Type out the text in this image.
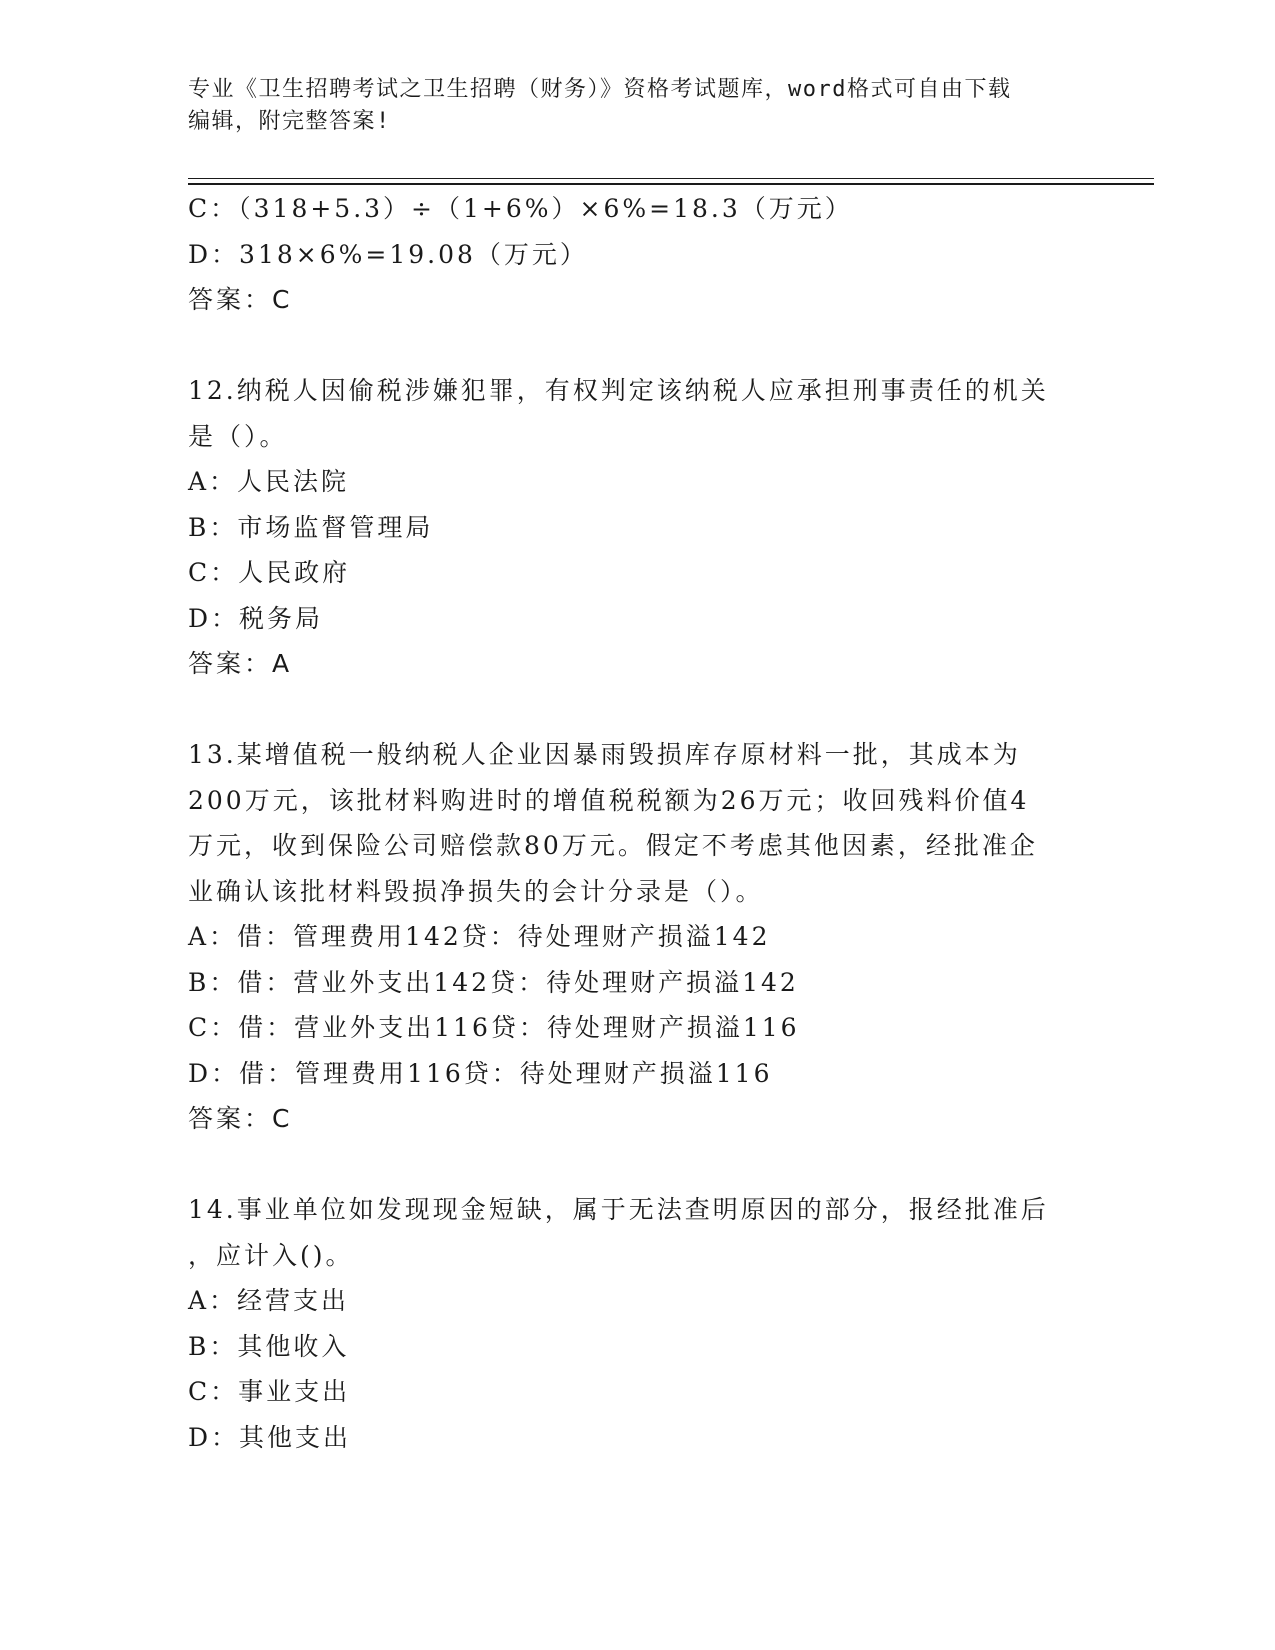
专业《卫生招聘考试之卫生招聘（财务）》资格考试题库，word格式可自由下载
编辑，附完整答案!
C：（318+5.3）÷（1+6%）×6%=18.3（万元）
D：318×6%=19.08（万元）
答案：C
12.纳税人因偷税涉嫌犯罪，有权判定该纳税人应承担刑事责任的机关
是（）。
A：人民法院
B：市场监督管理局
C：人民政府
D：税务局
答案：A
13.某增值税一般纳税人企业因暴雨毁损库存原材料一批，其成本为
200万元，该批材料购进时的增值税税额为26万元；收回残料价值4
万元，收到保险公司赔偿款80万元。假定不考虑其他因素，经批准企
业确认该批材料毁损净损失的会计分录是（）。
A：借：管理费用142贷：待处理财产损溢142
B：借：营业外支出142贷：待处理财产损溢142
C：借：营业外支出116贷：待处理财产损溢116
D：借：管理费用116贷：待处理财产损溢116
答案：C
14.事业单位如发现现金短缺，属于无法查明原因的部分，报经批准后
，应计入()。
A：经营支出
B：其他收入
C：事业支出
D：其他支出
